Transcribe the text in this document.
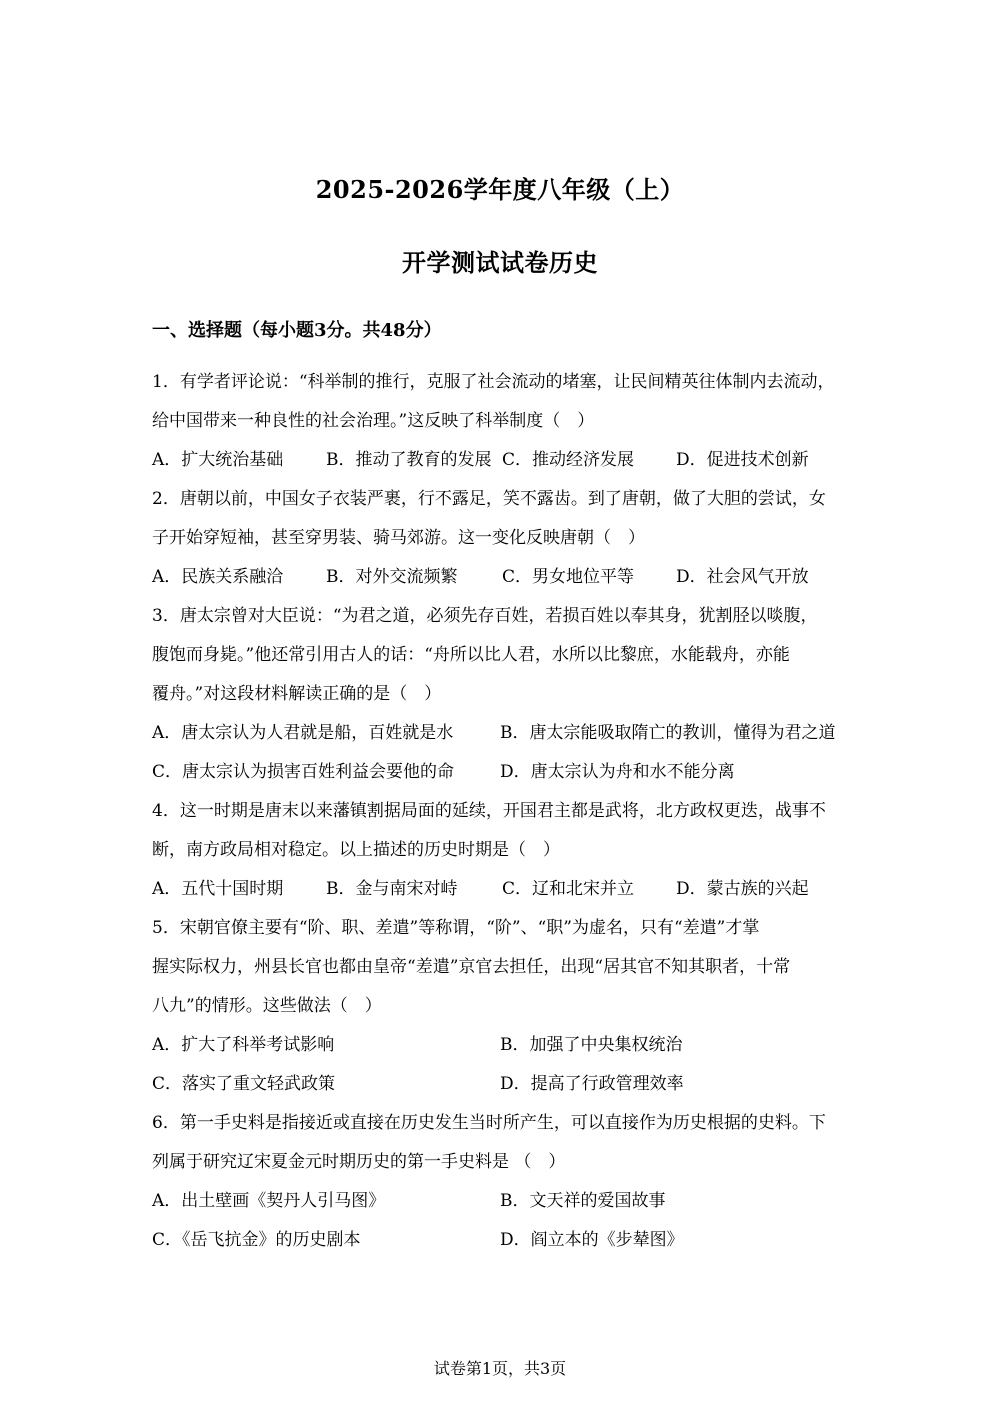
2025-2026学年度八年级（上）
开学测试试卷历史
一、选择题（每小题3分。共48分）
1．有学者评论说：“科举制的推行，克服了社会流动的堵塞，让民间精英往体制内去流动，
给中国带来一种良性的社会治理。”这反映了科举制度（　）
A．扩大统治基础	B．推动了教育的发展 C．推动经济发展	D．促进技术创新
2．唐朝以前，中国女子衣装严裹，行不露足，笑不露齿。到了唐朝，做了大胆的尝试，女
子开始穿短袖，甚至穿男装、骑马郊游。这一变化反映唐朝（　）
A．民族关系融洽	B．对外交流频繁	C．男女地位平等	D．社会风气开放
3．唐太宗曾对大臣说：“为君之道，必须先存百姓，若损百姓以奉其身，犹割胫以啖腹，
腹饱而身毙。”他还常引用古人的话：“舟所以比人君，水所以比黎庶，水能载舟，亦能
覆舟。”对这段材料解读正确的是（　）
A．唐太宗认为人君就是船，百姓就是水	B．唐太宗能吸取隋亡的教训，懂得为君之道
C．唐太宗认为损害百姓利益会要他的命	D．唐太宗认为舟和水不能分离
4．这一时期是唐末以来藩镇割据局面的延续，开国君主都是武将，北方政权更迭，战事不
断，南方政局相对稳定。以上描述的历史时期是（　）
A．五代十国时期	B．金与南宋对峙	C．辽和北宋并立	D．蒙古族的兴起
5．宋朝官僚主要有“阶、职、差遣”等称谓，“阶”、“职”为虚名，只有“差遣”才掌
握实际权力，州县长官也都由皇帝“差遣”京官去担任，出现“居其官不知其职者，十常
八九”的情形。这些做法（　）
A．扩大了科举考试影响	B．加强了中央集权统治
C．落实了重文轻武政策	D．提高了行政管理效率
6．第一手史料是指接近或直接在历史发生当时所产生，可以直接作为历史根据的史料。下
列属于研究辽宋夏金元时期历史的第一手史料是 （　）
A．出土壁画《契丹人引马图》	B．文天祥的爱国故事
C．《岳飞抗金》的历史剧本	D．阎立本的《步辇图》
试卷第1页，共3页
